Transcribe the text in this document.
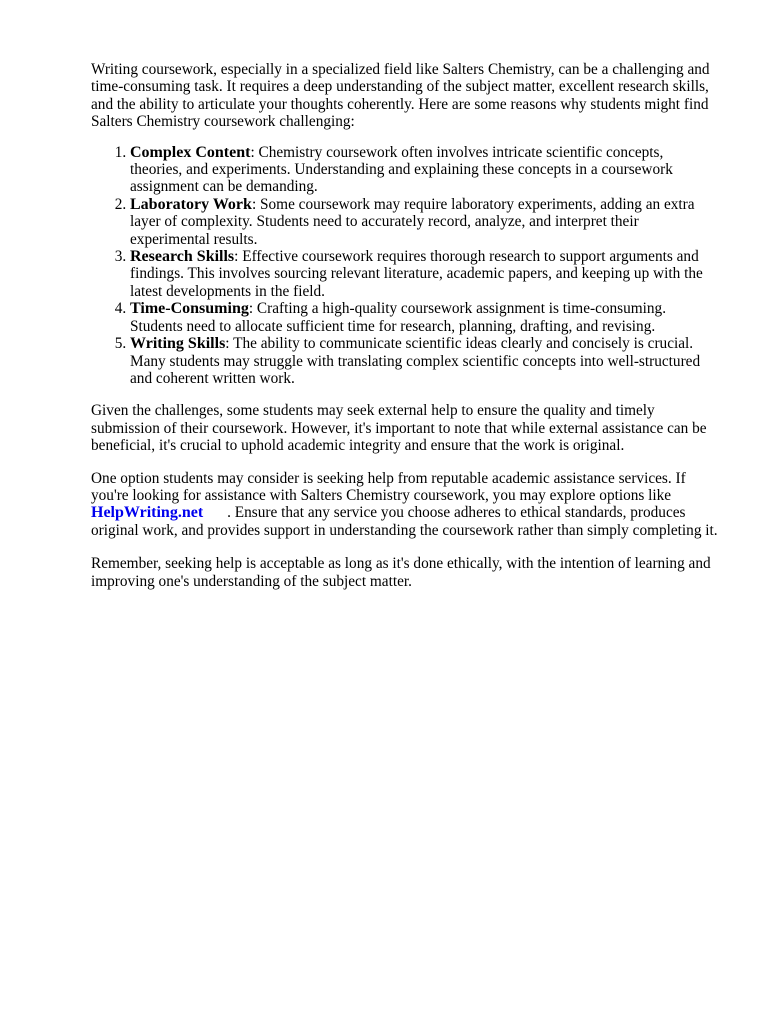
Writing coursework, especially in a specialized field like Salters Chemistry, can be a challenging and time-consuming task. It requires a deep understanding of the subject matter, excellent research skills, and the ability to articulate your thoughts coherently. Here are some reasons why students might find Salters Chemistry coursework challenging:

1. Complex Content: Chemistry coursework often involves intricate scientific concepts, theories, and experiments. Understanding and explaining these concepts in a coursework assignment can be demanding.
2. Laboratory Work: Some coursework may require laboratory experiments, adding an extra layer of complexity. Students need to accurately record, analyze, and interpret their experimental results.
3. Research Skills: Effective coursework requires thorough research to support arguments and findings. This involves sourcing relevant literature, academic papers, and keeping up with the latest developments in the field.
4. Time-Consuming: Crafting a high-quality coursework assignment is time-consuming. Students need to allocate sufficient time for research, planning, drafting, and revising.
5. Writing Skills: The ability to communicate scientific ideas clearly and concisely is crucial. Many students may struggle with translating complex scientific concepts into well-structured and coherent written work.

Given the challenges, some students may seek external help to ensure the quality and timely submission of their coursework. However, it's important to note that while external assistance can be beneficial, it's crucial to uphold academic integrity and ensure that the work is original.

One option students may consider is seeking help from reputable academic assistance services. If you're looking for assistance with Salters Chemistry coursework, you may explore options like HelpWriting.net . Ensure that any service you choose adheres to ethical standards, produces original work, and provides support in understanding the coursework rather than simply completing it.

Remember, seeking help is acceptable as long as it's done ethically, with the intention of learning and improving one's understanding of the subject matter.
